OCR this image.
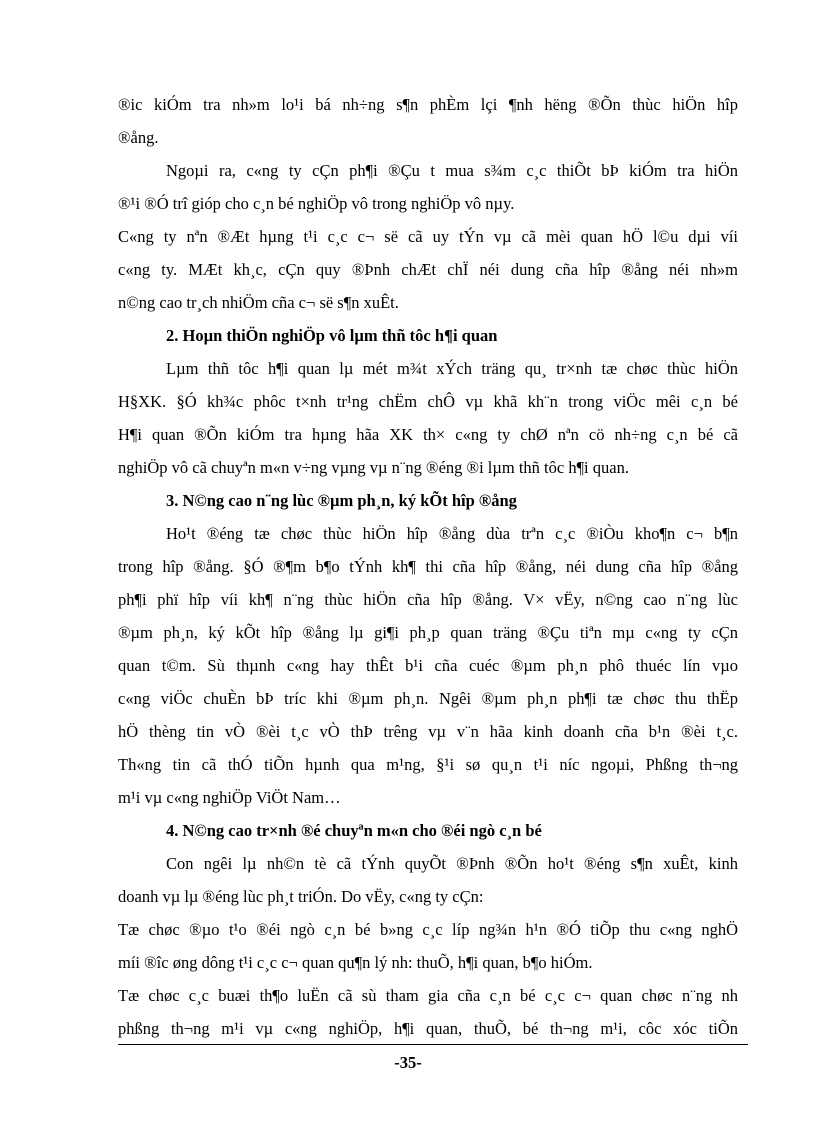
®ic kiÓm tra nh»m lo¹i bá nh÷ng s¶n phÈm lçi ¶nh hëng ®Õn thùc hiÖn hîp
®ång.
Ngoµi ra, c«ng ty cÇn ph¶i ®Çu t mua s¾m c¸c thiÕt bÞ kiÓm tra hiÖn
®¹i ®Ó trî gióp cho c¸n bé nghiÖp vô trong nghiÖp vô nµy.
C«ng ty nªn ®Æt hµng t¹i c¸c c¬ së cã uy tÝn vµ cã mèi quan hÖ l©u dµi víi
c«ng ty. MÆt kh¸c, cÇn quy ®Þnh chÆt chÏ néi dung cña hîp ®ång néi nh»m
n©ng cao tr¸ch nhiÖm cña c¬ së s¶n xuÊt.
2. Hoµn thiÖn nghiÖp vô lµm thñ tôc h¶i quan
Lµm thñ tôc h¶i quan lµ mét m¾t xÝch träng qu¸ tr×nh tæ chøc thùc hiÖn
H§XK. §Ó kh¾c phôc t×nh tr¹ng chËm chÔ vµ khã kh¨n trong viÖc mêi c¸n bé
H¶i quan ®Õn kiÓm tra hµng hãa XK th× c«ng ty chØ nªn cö nh÷ng c¸n bé cã
nghiÖp vô cã chuyªn m«n v÷ng vµng vµ n¨ng ®éng ®i lµm thñ tôc h¶i quan.
3. N©ng cao n¨ng lùc ®µm ph¸n, ký kÕt hîp ®ång
Ho¹t ®éng tæ chøc thùc hiÖn hîp ®ång dùa trªn c¸c ®iÒu kho¶n c¬ b¶n
trong hîp ®ång. §Ó ®¶m b¶o tÝnh kh¶ thi cña hîp ®ång, néi dung cña hîp ®ång
ph¶i phï hîp víi kh¶ n¨ng thùc hiÖn cña hîp ®ång. V× vËy, n©ng cao n¨ng lùc
®µm ph¸n, ký kÕt hîp ®ång lµ gi¶i ph¸p quan träng ®Çu tiªn mµ c«ng ty cÇn
quan t©m. Sù thµnh c«ng hay thÊt b¹i cña cuéc ®µm ph¸n phô thuéc lín vµo
c«ng viÖc chuÈn bÞ tríc khi ®µm ph¸n. Ngêi ®µm ph¸n ph¶i tæ chøc thu thËp
hÖ thèng tin vÒ ®èi t¸c vÒ thÞ trêng vµ v¨n hãa kinh doanh cña b¹n ®èi t¸c.
Th«ng tin cã thÓ tiÕn hµnh qua m¹ng, §¹i sø qu¸n t¹i níc ngoµi, Phßng th¬ng
m¹i vµ c«ng nghiÖp ViÖt Nam…
4. N©ng cao tr×nh ®é chuyªn m«n cho ®éi ngò c¸n bé
Con ngêi lµ nh©n tè cã tÝnh quyÕt ®Þnh ®Õn ho¹t ®éng s¶n xuÊt, kinh
doanh vµ lµ ®éng lùc ph¸t triÓn. Do vËy, c«ng ty cÇn:
Tæ chøc ®µo t¹o ®éi ngò c¸n bé b»ng c¸c líp ng¾n h¹n ®Ó tiÕp thu c«ng nghÖ
míi ®îc øng dông t¹i c¸c c¬ quan qu¶n lý nh: thuÕ, h¶i quan, b¶o hiÓm.
Tæ chøc c¸c buæi th¶o luËn cã sù tham gia cña c¸n bé c¸c c¬ quan chøc n¨ng nh
phßng th¬ng m¹i vµ c«ng nghiÖp, h¶i quan, thuÕ, bé th¬ng m¹i, côc xóc tiÕn
-35-
